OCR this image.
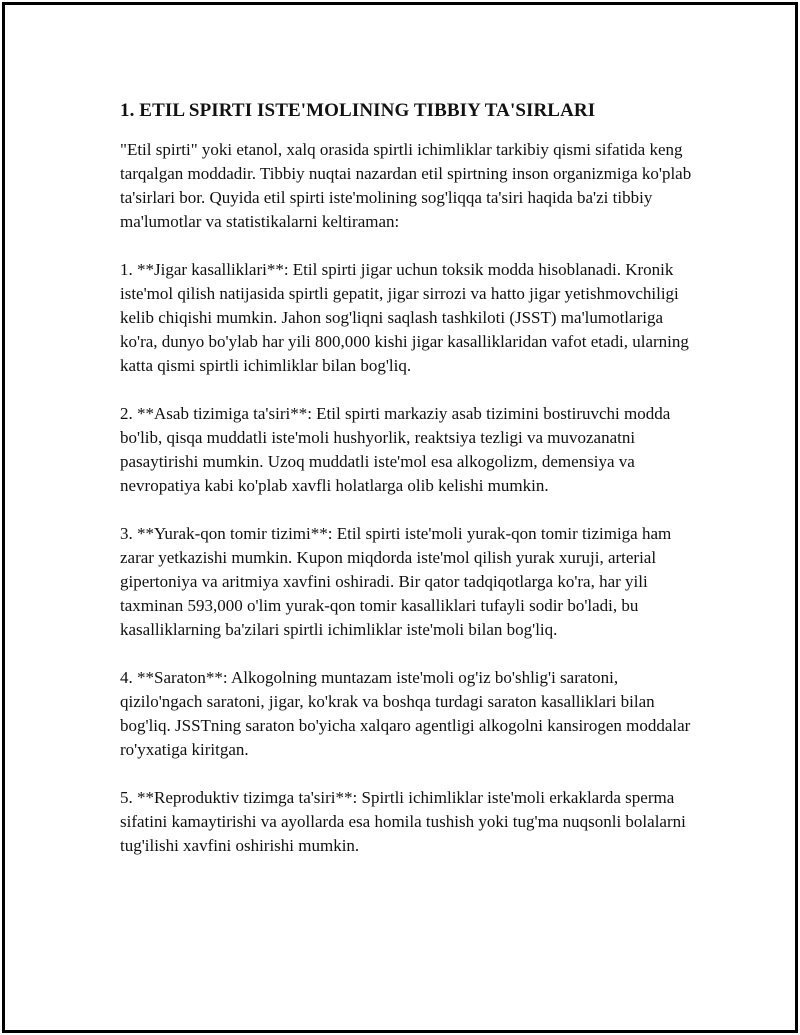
1. ETIL SPIRTI ISTE'MOLINING TIBBIY TA'SIRLARI

"Etil spirti" yoki etanol, xalq orasida spirtli ichimliklar tarkibiy qismi sifatida keng tarqalgan moddadir. Tibbiy nuqtai nazardan etil spirtning inson organizmiga ko'plab ta'sirlari bor. Quyida etil spirti iste'molining sog'liqqa ta'siri haqida ba'zi tibbiy ma'lumotlar va statistikalarni keltiraman:

1. **Jigar kasalliklari**: Etil spirti jigar uchun toksik modda hisoblanadi. Kronik iste'mol qilish natijasida spirtli gepatit, jigar sirrozi va hatto jigar yetishmovchiligi kelib chiqishi mumkin. Jahon sog'liqni saqlash tashkiloti (JSST) ma'lumotlariga ko'ra, dunyo bo'ylab har yili 800,000 kishi jigar kasalliklaridan vafot etadi, ularning katta qismi spirtli ichimliklar bilan bog'liq.

2. **Asab tizimiga ta'siri**: Etil spirti markaziy asab tizimini bostiruvchi modda bo'lib, qisqa muddatli iste'moli hushyorlik, reaktsiya tezligi va muvozanatni pasaytirishi mumkin. Uzoq muddatli iste'mol esa alkogolizm, demensiya va nevropatiya kabi ko'plab xavfli holatlarga olib kelishi mumkin.

3. **Yurak-qon tomir tizimi**: Etil spirti iste'moli yurak-qon tomir tizimiga ham zarar yetkazishi mumkin. Kupon miqdorda iste'mol qilish yurak xuruji, arterial gipertoniya va aritmiya xavfini oshiradi. Bir qator tadqiqotlarga ko'ra, har yili taxminan 593,000 o'lim yurak-qon tomir kasalliklari tufayli sodir bo'ladi, bu kasalliklarning ba'zilari spirtli ichimliklar iste'moli bilan bog'liq.

4. **Saraton**: Alkogolning muntazam iste'moli og'iz bo'shlig'i saratoni, qizilo'ngach saratoni, jigar, ko'krak va boshqa turdagi saraton kasalliklari bilan bog'liq. JSSTning saraton bo'yicha xalqaro agentligi alkogolni kansirogen moddalar ro'yxatiga kiritgan.

5. **Reproduktiv tizimga ta'siri**: Spirtli ichimliklar iste'moli erkaklarda sperma sifatini kamaytirishi va ayollarda esa homila tushish yoki tug'ma nuqsonli bolalarni tug'ilishi xavfini oshirishi mumkin.
